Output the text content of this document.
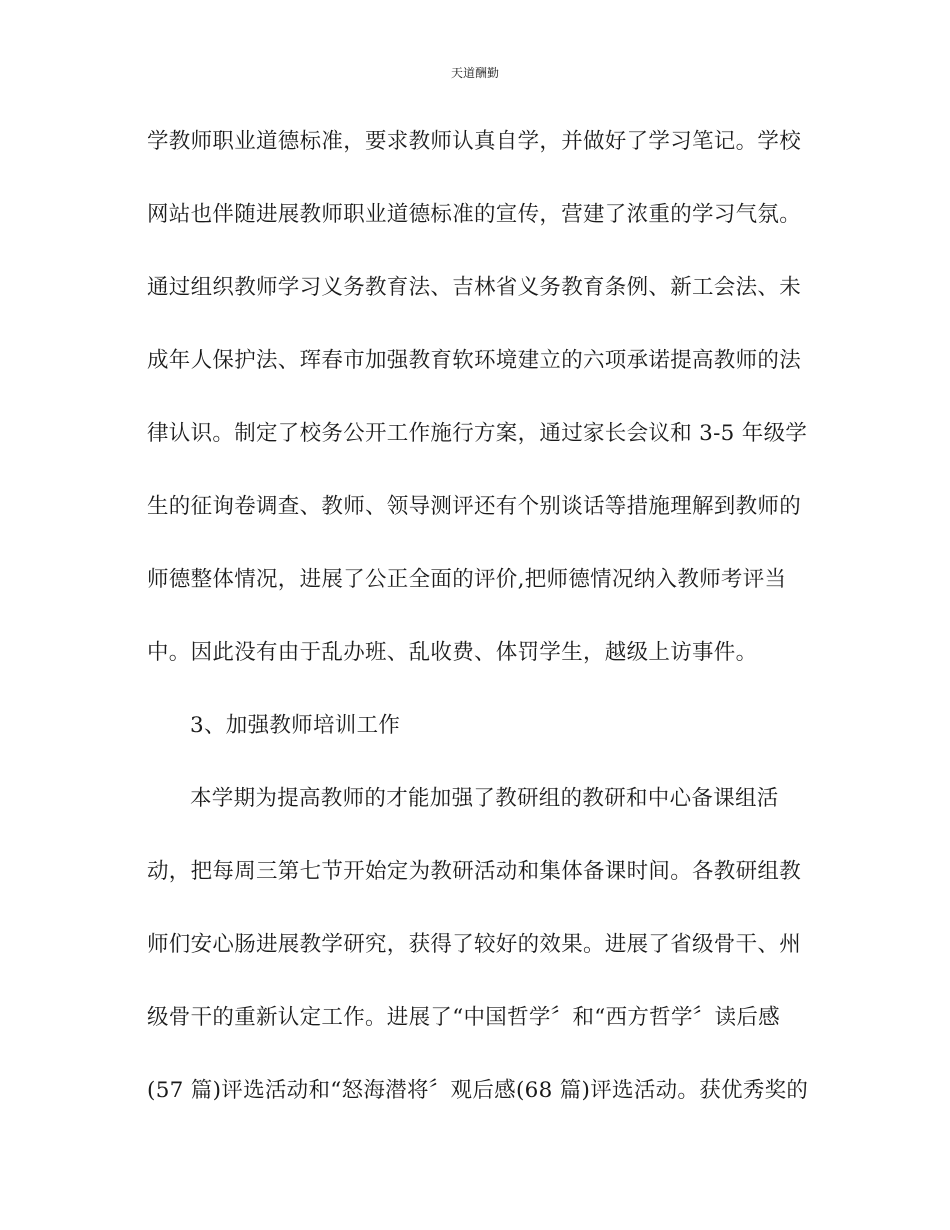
天道酬勤
学教师职业道德标准，要求教师认真自学，并做好了学习笔记。学校
网站也伴随进展教师职业道德标准的宣传，营建了浓重的学习气氛。
通过组织教师学习义务教育法、吉林省义务教育条例、新工会法、未
成年人保护法、珲春市加强教育软环境建立的六项承诺提高教师的法
律认识。制定了校务公开工作施行方案，通过家长会议和 3-5 年级学
生的征询卷调查、教师、领导测评还有个别谈话等措施理解到教师的
师德整体情况，进展了公正全面的评价,把师德情况纳入教师考评当
中。因此没有由于乱办班、乱收费、体罚学生，越级上访事件。
3、加强教师培训工作
本学期为提高教师的才能加强了教研组的教研和中心备课组活
动，把每周三第七节开始定为教研活动和集体备课时间。各教研组教
师们安心肠进展教学研究，获得了较好的效果。进展了省级骨干、州
级骨干的重新认定工作。进展了“中国哲学〞和“西方哲学〞读后感
(57 篇)评选活动和“怒海潜将〞观后感(68 篇)评选活动。获优秀奖的
